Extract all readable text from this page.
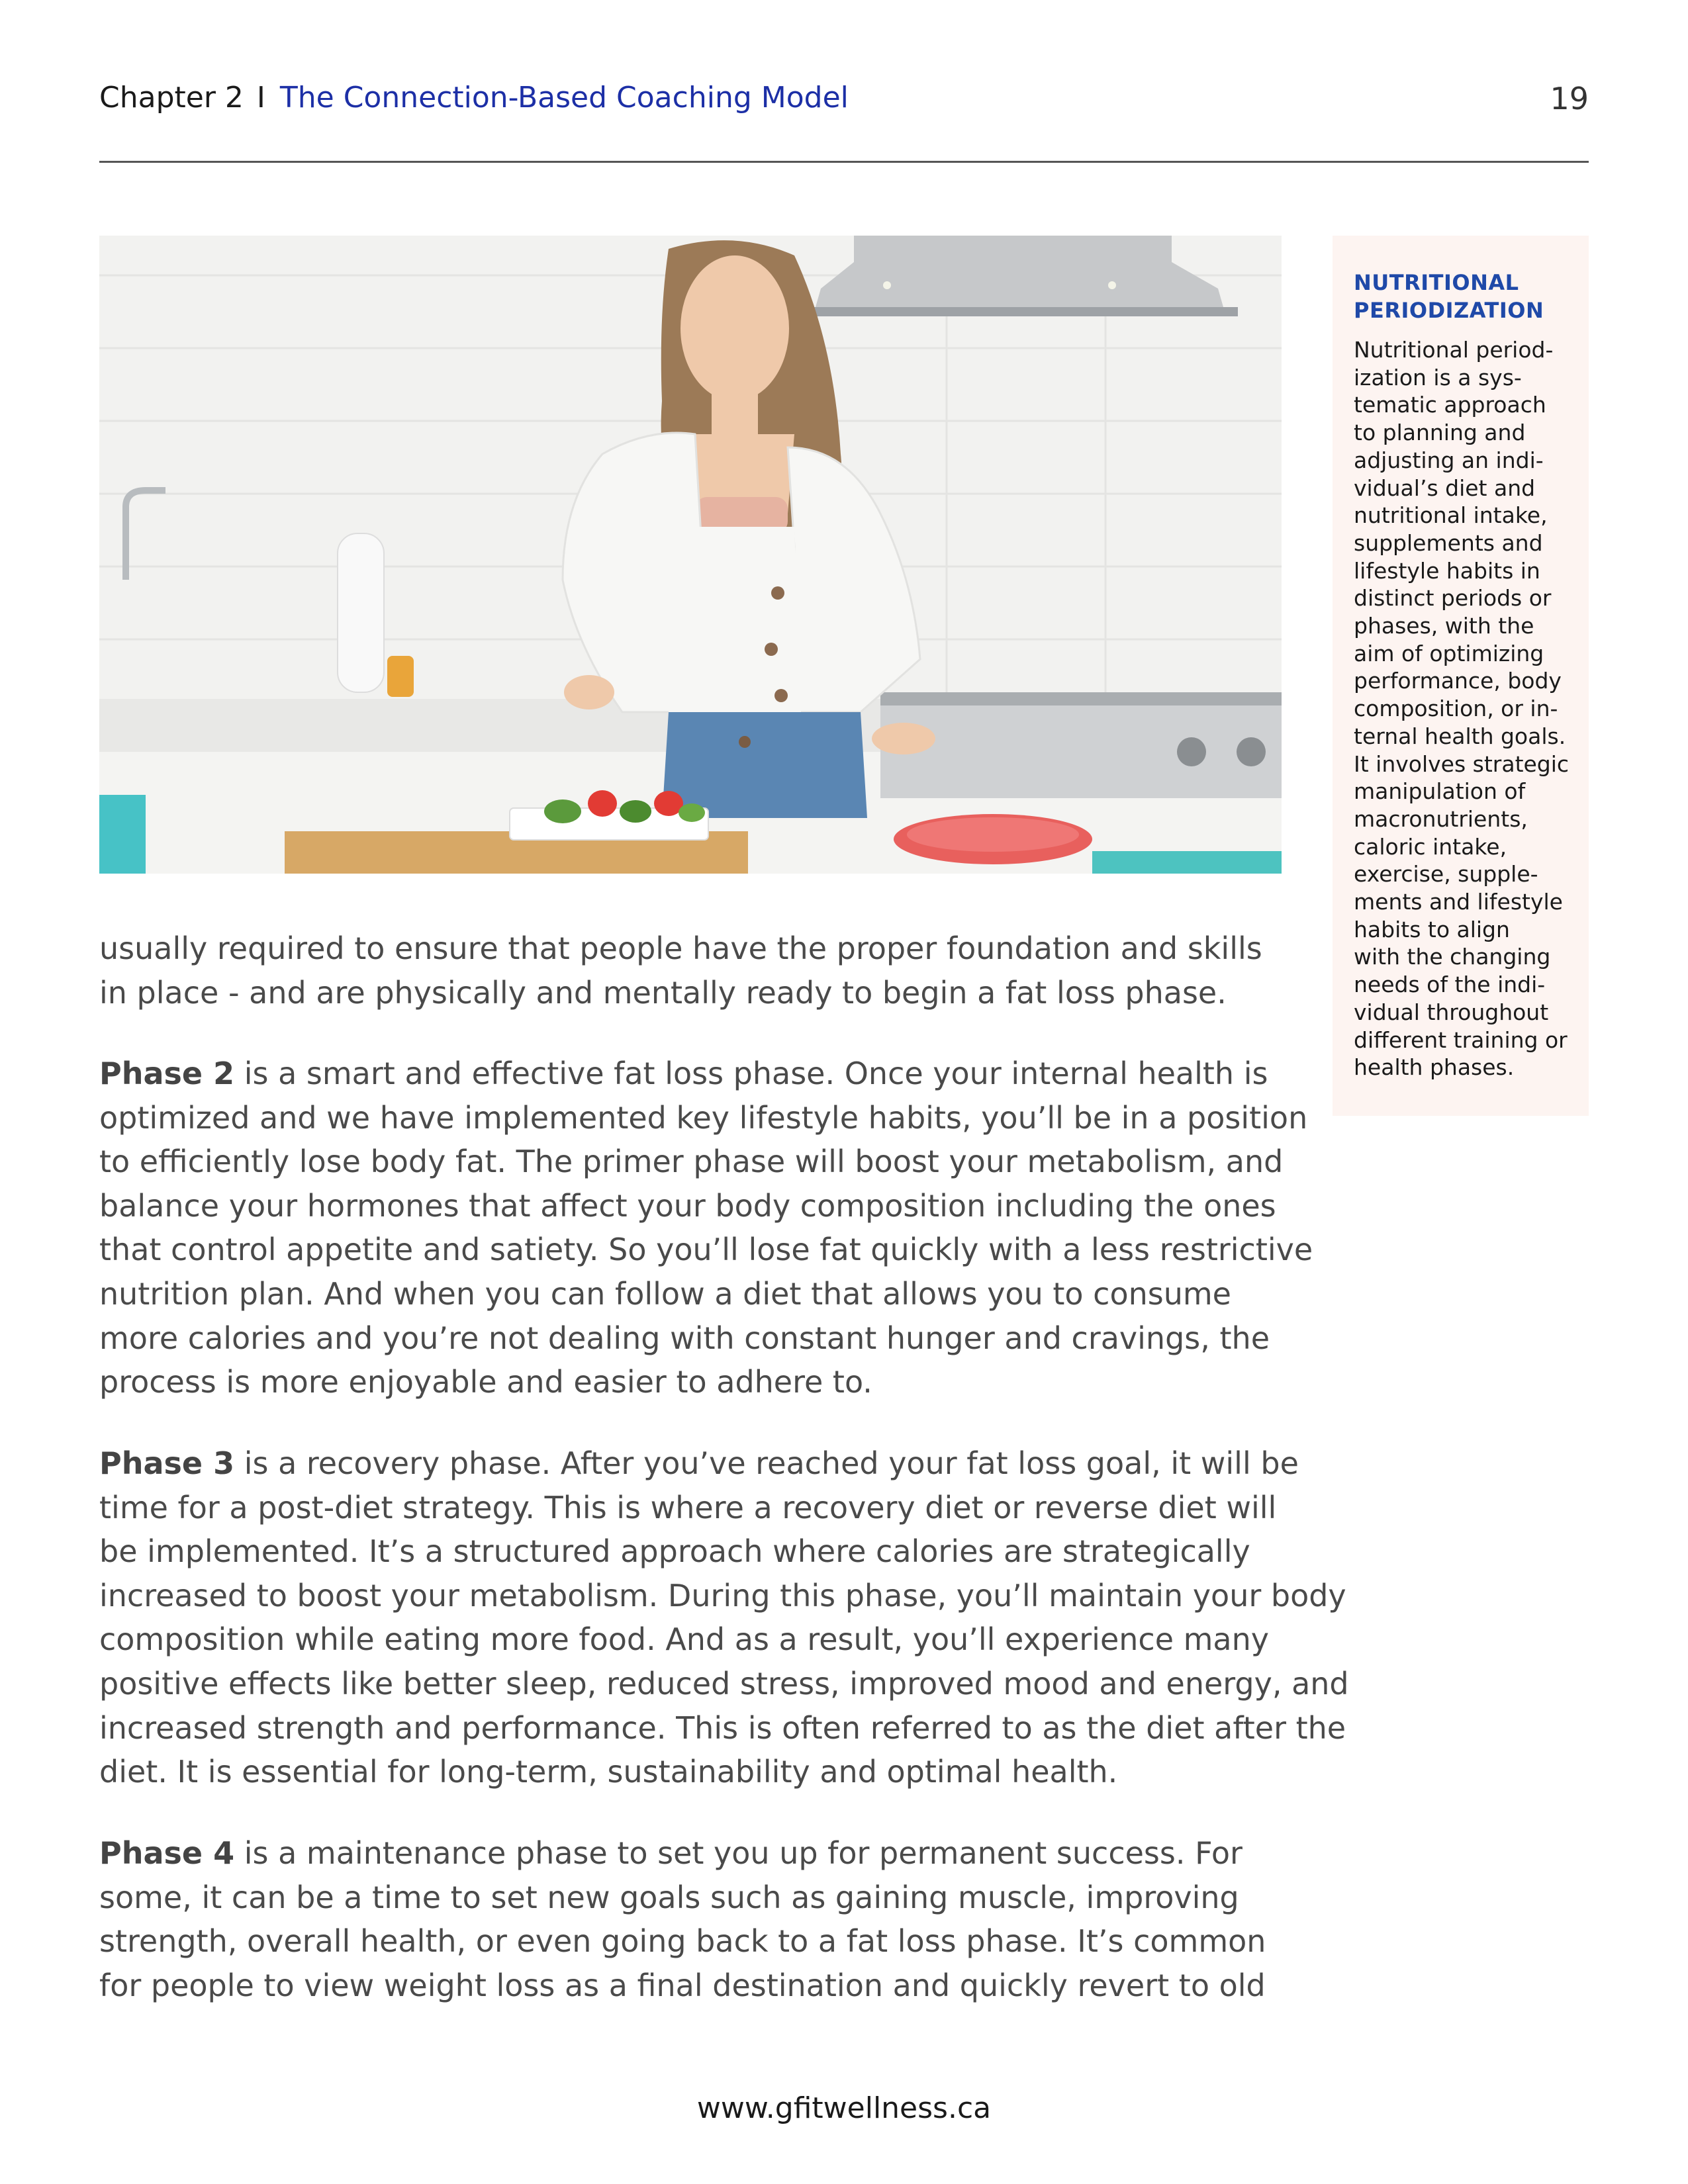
Chapter 2 I The Connection-Based Coaching Model	19
NUTRITIONAL
PERIODIZATION
Nutritional period-
ization is a sys-
tematic approach
to planning and
adjusting an indi-
vidual’s diet and
nutritional intake,
supplements and
lifestyle habits in
distinct periods or
phases, with the
aim of optimizing
performance, body
composition, or in-
ternal health goals.
It involves strategic
manipulation of
macronutrients,
caloric intake,
exercise, supple-
ments and lifestyle
habits to align
with the changing
needs of the indi-
vidual throughout
different training or
health phases.
usually required to ensure that people have the proper foundation and skills
in place - and are physically and mentally ready to begin a fat loss phase.
Phase 2 is a smart and effective fat loss phase. Once your internal health is
optimized and we have implemented key lifestyle habits, you’ll be in a position
to efficiently lose body fat. The primer phase will boost your metabolism, and
balance your hormones that affect your body composition including the ones
that control appetite and satiety. So you’ll lose fat quickly with a less restrictive
nutrition plan. And when you can follow a diet that allows you to consume
more calories and you’re not dealing with constant hunger and cravings, the
process is more enjoyable and easier to adhere to.
Phase 3 is a recovery phase. After you’ve reached your fat loss goal, it will be
time for a post-diet strategy. This is where a recovery diet or reverse diet will
be implemented. It’s a structured approach where calories are strategically
increased to boost your metabolism. During this phase, you’ll maintain your body
composition while eating more food. And as a result, you’ll experience many
positive effects like better sleep, reduced stress, improved mood and energy, and
increased strength and performance. This is often referred to as the diet after the
diet. It is essential for long-term, sustainability and optimal health.
Phase 4 is a maintenance phase to set you up for permanent success. For
some, it can be a time to set new goals such as gaining muscle, improving
strength, overall health, or even going back to a fat loss phase. It’s common
for people to view weight loss as a final destination and quickly revert to old
www.gfitwellness.ca
